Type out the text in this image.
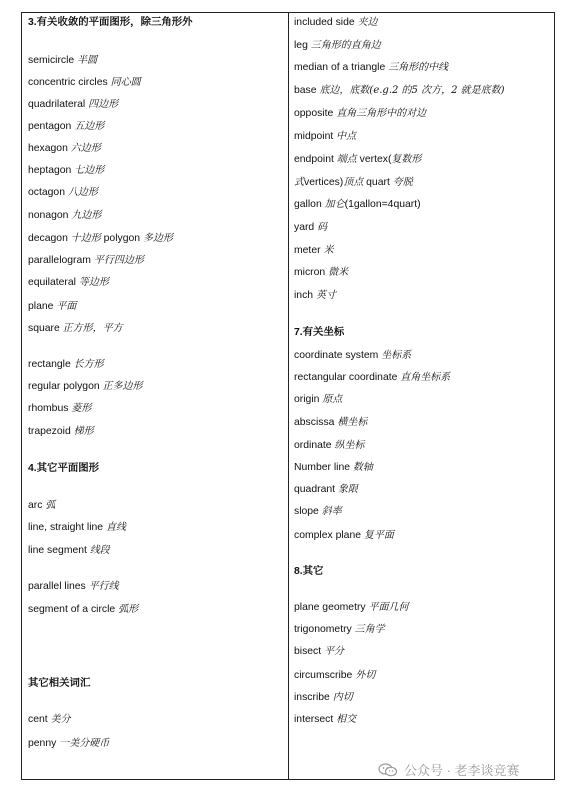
3.有关收敛的平面图形，除三角形外
semicircle 半圆
concentric circles 同心圆
quadrilateral 四边形
pentagon 五边形
hexagon 六边形
heptagon 七边形
octagon 八边形
nonagon 九边形
decagon 十边形 polygon 多边形
parallelogram 平行四边形
equilateral 等边形
plane 平面
square 正方形，平方
rectangle 长方形
regular polygon 正多边形
rhombus 菱形
trapezoid 梯形
4.其它平面图形
arc 弧
line, straight line 直线
line segment 线段
parallel lines 平行线
segment of a circle 弧形
其它相关词汇
cent 美分
penny 一美分硬币
included side 夹边
leg 三角形的直角边
median of a triangle 三角形的中线
base 底边，底数(e.g.2 的5 次方，2 就是底数)
opposite 直角三角形中的对边
midpoint 中点
endpoint 端点 vertex(复数形
式vertices)顶点 quart 夸脱
gallon 加仑(1gallon=4quart)
yard 码
meter 米
micron 微米
inch 英寸
7.有关坐标
coordinate system 坐标系
rectangular coordinate 直角坐标系
origin 原点
abscissa 横坐标
ordinate 纵坐标
Number line 数轴
quadrant 象限
slope 斜率
complex plane 复平面
8.其它
plane geometry 平面几何
trigonometry 三角学
bisect 平分
circumscribe 外切
inscribe 内切
intersect 相交
公众号 · 老李谈竞赛
